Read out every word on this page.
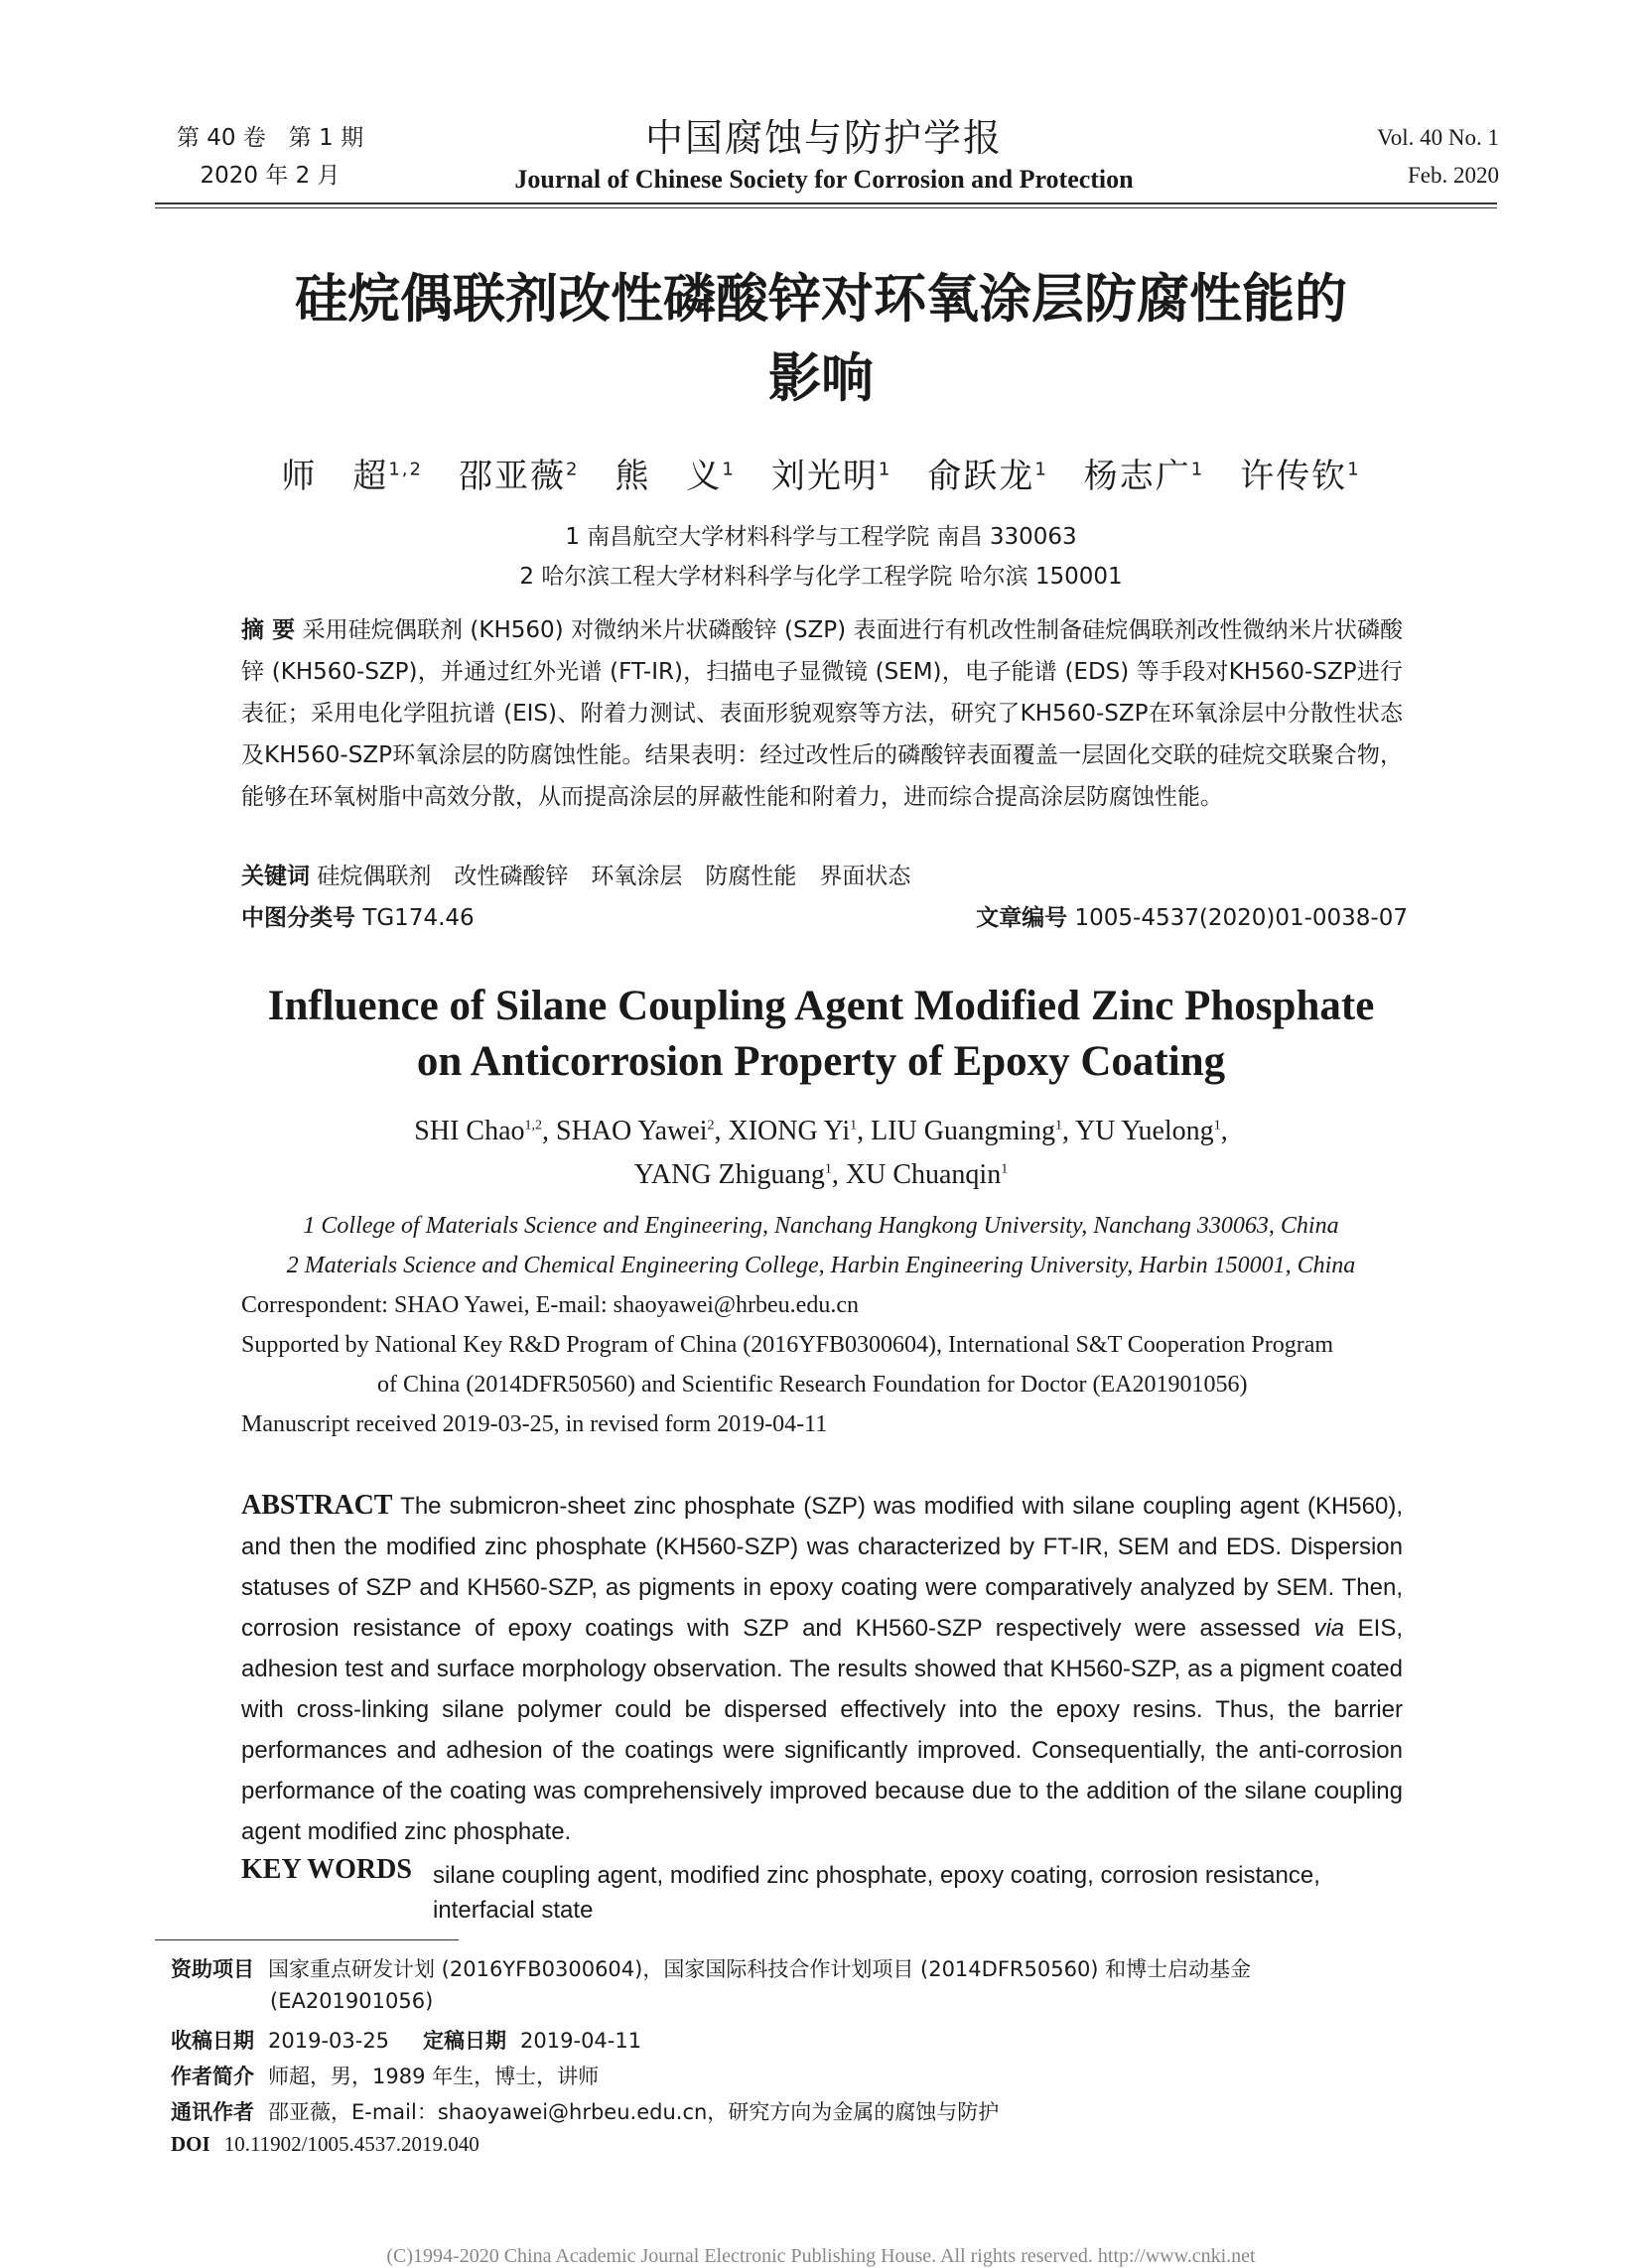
第 40 卷　第 1 期
2020 年 2 月
中国腐蚀与防护学报
Journal of Chinese Society for Corrosion and Protection
Vol. 40 No. 1
Feb. 2020
硅烷偶联剂改性磷酸锌对环氧涂层防腐性能的
影响
师　超$^{1,2}$　 邵亚薇$^2$　 熊　义$^1$　 刘光明$^1$　 俞跃龙$^1$　 杨志广$^1$　 许传钦$^1$
1 南昌航空大学材料科学与工程学院 南昌 330063
2 哈尔滨工程大学材料科学与化学工程学院 哈尔滨 150001
摘 要 采用硅烷偶联剂 (KH560) 对微纳米片状磷酸锌 (SZP) 表面进行有机改性制备硅烷偶联剂改性微纳米片状磷酸锌 (KH560-SZP)，并通过红外光谱 (FT-IR)，扫描电子显微镜 (SEM)，电子能谱 (EDS) 等手段对KH560-SZP进行表征；采用电化学阻抗谱 (EIS)、附着力测试、表面形貌观察等方法，研究了KH560-SZP在环氧涂层中分散性状态及KH560-SZP环氧涂层的防腐蚀性能。结果表明：经过改性后的磷酸锌表面覆盖一层固化交联的硅烷交联聚合物，能够在环氧树脂中高效分散，从而提高涂层的屏蔽性能和附着力，进而综合提高涂层防腐蚀性能。
关键词 硅烷偶联剂　改性磷酸锌　环氧涂层　防腐性能　界面状态
中图分类号 TG174.46	文章编号 1005-4537(2020)01-0038-07
Influence of Silane Coupling Agent Modified Zinc Phosphate
on Anticorrosion Property of Epoxy Coating
SHI Chao$^{1,2}$, SHAO Yawei$^2$, XIONG Yi$^1$, LIU Guangming$^1$, YU Yuelong$^1$,
YANG Zhiguang$^1$, XU Chuanqin$^1$
1 College of Materials Science and Engineering, Nanchang Hangkong University, Nanchang 330063, China
2 Materials Science and Chemical Engineering College, Harbin Engineering University, Harbin 150001, China
Correspondent: SHAO Yawei, E-mail: shaoyawei@hrbeu.edu.cn
Supported by National Key R&D Program of China (2016YFB0300604), International S&T Cooperation Program
of China (2014DFR50560) and Scientific Research Foundation for Doctor (EA201901056)
Manuscript received 2019-03-25, in revised form 2019-04-11
ABSTRACT The submicron-sheet zinc phosphate (SZP) was modified with silane coupling agent (KH560), and then the modified zinc phosphate (KH560-SZP) was characterized by FT-IR, SEM and EDS. Dispersion statuses of SZP and KH560-SZP, as pigments in epoxy coating were comparatively analyzed by SEM. Then, corrosion resistance of epoxy coatings with SZP and KH560-SZP respectively were assessed via EIS, adhesion test and surface morphology observation. The results showed that KH560-SZP, as a pigment coated with cross-linking silane polymer could be dispersed effectively into the epoxy resins. Thus, the barrier performances and adhesion of the coatings were significantly improved. Consequentially, the anti-corrosion performance of the coating was comprehensively improved because due to the addition of the silane coupling agent modified zinc phosphate.
KEY WORDS silane coupling agent, modified zinc phosphate, epoxy coating, corrosion resistance, interfacial state
资助项目 国家重点研发计划 (2016YFB0300604)，国家国际科技合作计划项目 (2014DFR50560) 和博士启动基金
(EA201901056)
收稿日期 2019-03-25 定稿日期 2019-04-11
作者简介 师超，男，1989 年生，博士，讲师
通讯作者 邵亚薇，E-mail：shaoyawei@hrbeu.edu.cn，研究方向为金属的腐蚀与防护
DOI 10.11902/1005.4537.2019.040
(C)1994-2020 China Academic Journal Electronic Publishing House. All rights reserved. http://www.cnki.net
